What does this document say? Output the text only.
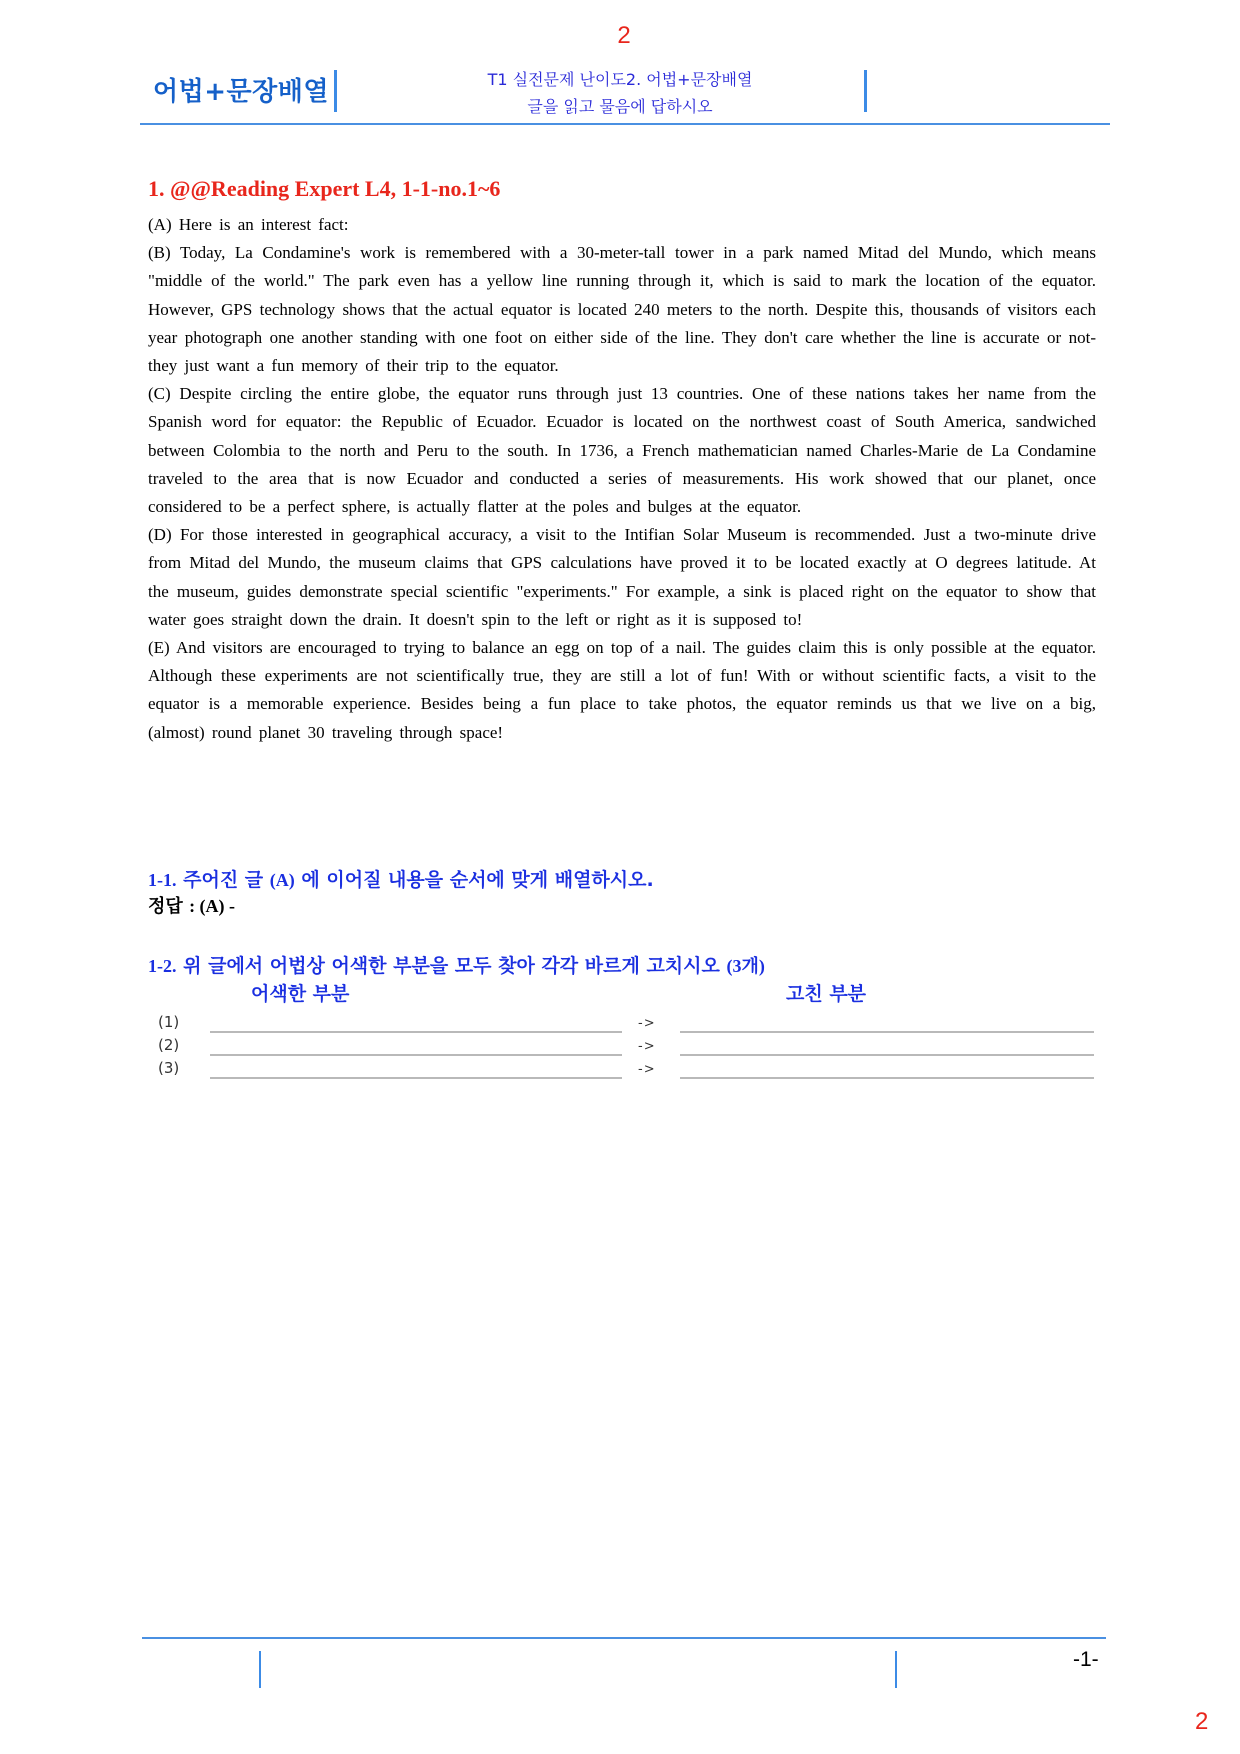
2
어법+문장배열	T1 실전문제 난이도2. 어법+문장배열
글을 읽고 물음에 답하시오
1. @@Reading Expert L4, 1-1-no.1~6

(A) Here is an interest fact:

(B) Today, La Condamine's work is remembered with a 30-meter-tall tower in a park named Mitad del Mundo, which means "middle of the world." The park even has a yellow line running through it, which is said to mark the location of the equator. However, GPS technology shows that the actual equator is located 240 meters to the north. Despite this, thousands of visitors each year photograph one another standing with one foot on either side of the line. They don't care whether the line is accurate or not-they just want a fun memory of their trip to the equator.

(C) Despite circling the entire globe, the equator runs through just 13 countries. One of these nations takes her name from the Spanish word for equator: the Republic of Ecuador. Ecuador is located on the northwest coast of South America, sandwiched between Colombia to the north and Peru to the south. In 1736, a French mathematician named Charles-Marie de La Condamine traveled to the area that is now Ecuador and conducted a series of measurements. His work showed that our planet, once considered to be a perfect sphere, is actually flatter at the poles and bulges at the equator.

(D) For those interested in geographical accuracy, a visit to the Intifian Solar Museum is recommended. Just a two-minute drive from Mitad del Mundo, the museum claims that GPS calculations have proved it to be located exactly at O degrees latitude. At the museum, guides demonstrate special scientific "experiments." For example, a sink is placed right on the equator to show that water goes straight down the drain. It doesn't spin to the left or right as it is supposed to!

(E) And visitors are encouraged to trying to balance an egg on top of a nail. The guides claim this is only possible at the equator. Although these experiments are not scientifically true, they are still a lot of fun! With or without scientific facts, a visit to the equator is a memorable experience. Besides being a fun place to take photos, the equator reminds us that we live on a big, (almost) round planet 30 traveling through space!

1-1. 주어진 글 (A) 에 이어질 내용을 순서에 맞게 배열하시오.
정답 : (A) -
1-2. 위 글에서 어법상 어색한 부분을 모두 찾아 각각 바르게 고치시오 (3개)
어색한 부분	고친 부분
(1)	->
(2)	->
(3)	->
-1-
2
